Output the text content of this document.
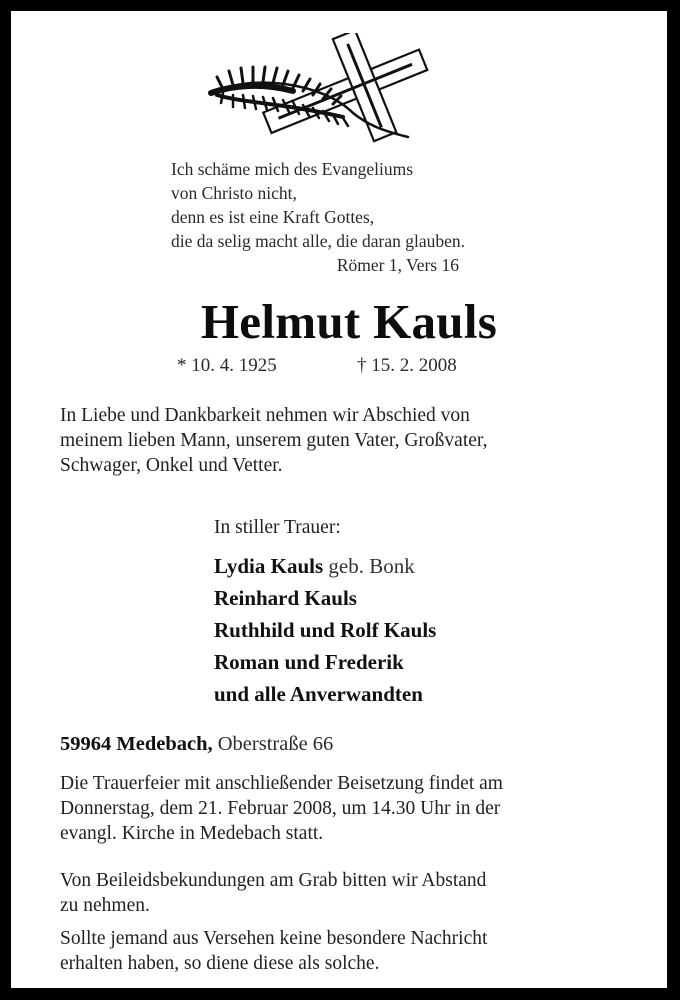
Ich schäme mich des Evangeliums
von Christo nicht,
denn es ist eine Kraft Gottes,
die da selig macht alle, die daran glauben.
Römer 1, Vers 16
Helmut Kauls
* 10. 4. 1925	† 15. 2. 2008
In Liebe und Dankbarkeit nehmen wir Abschied von
meinem lieben Mann, unserem guten Vater, Großvater,
Schwager, Onkel und Vetter.
In stiller Trauer:
Lydia Kauls geb. Bonk
Reinhard Kauls
Ruthhild und Rolf Kauls
Roman und Frederik
und alle Anverwandten
59964 Medebach, Oberstraße 66
Die Trauerfeier mit anschließender Beisetzung findet am
Donnerstag, dem 21. Februar 2008, um 14.30 Uhr in der
evangl. Kirche in Medebach statt.
Von Beileidsbekundungen am Grab bitten wir Abstand
zu nehmen.
Sollte jemand aus Versehen keine besondere Nachricht
erhalten haben, so diene diese als solche.
